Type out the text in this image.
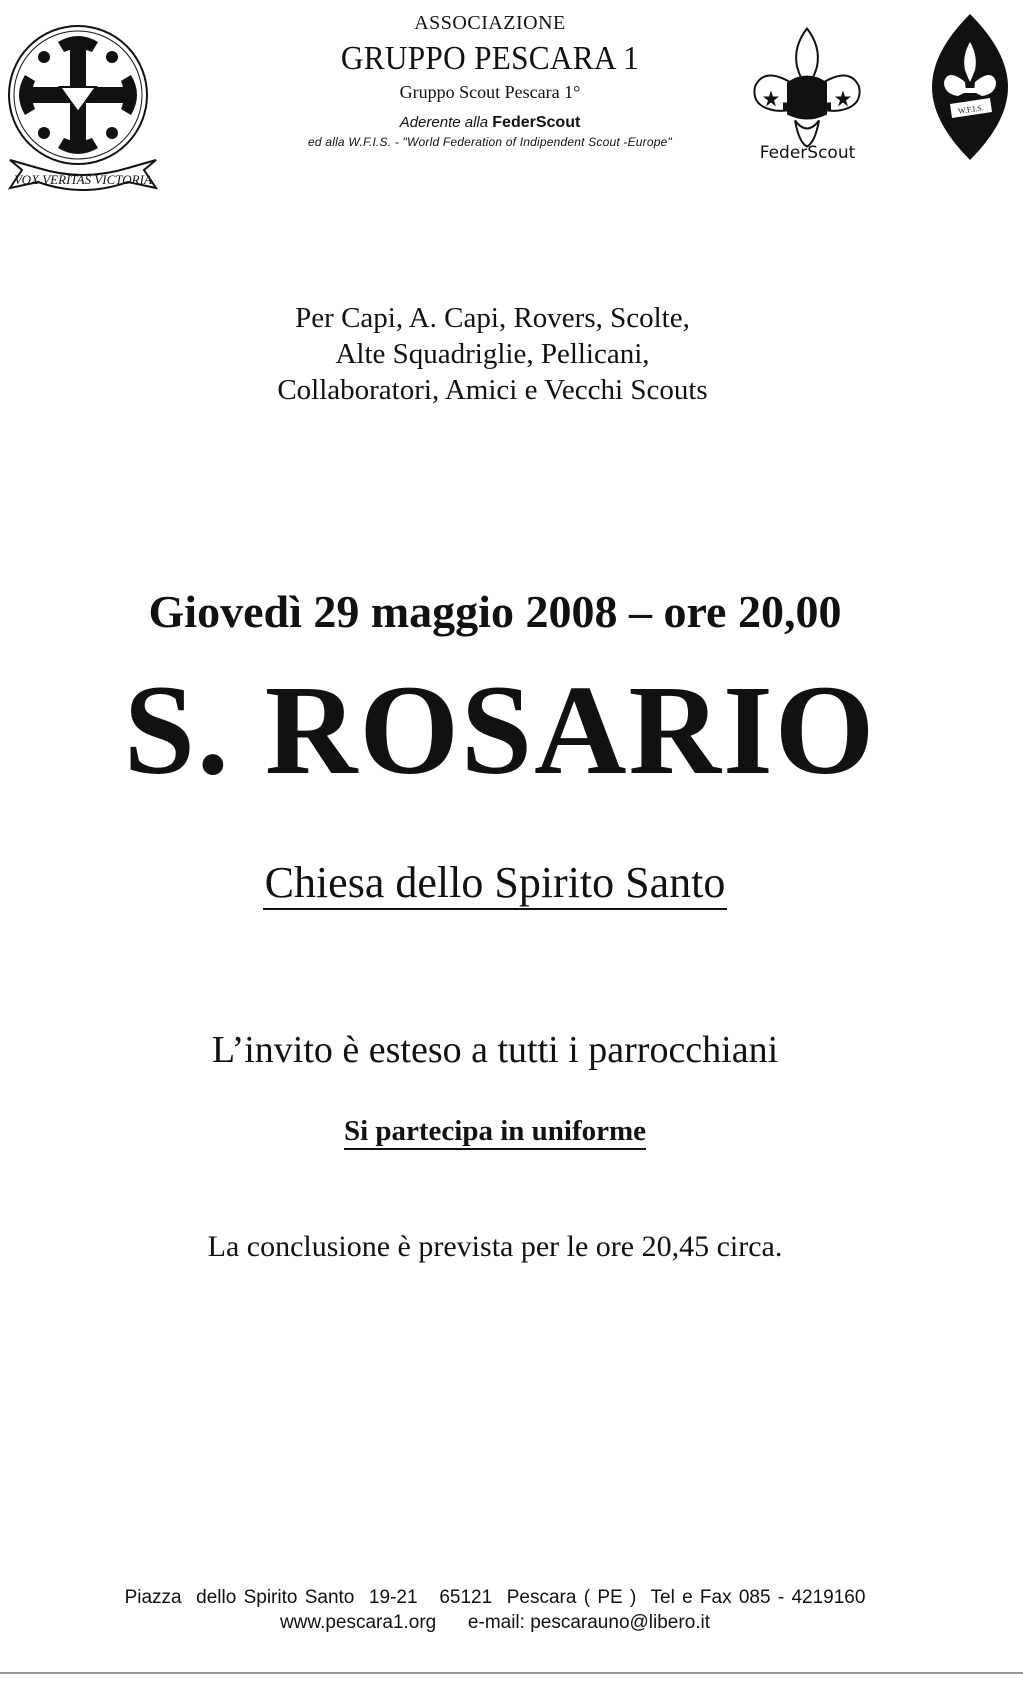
VOX VERITAS VICTORIA
ASSOCIAZIONE
GRUPPO PESCARA 1
Gruppo Scout Pescara 1°
Aderente alla FederScout
ed alla W.F.I.S. - "World Federation of Indipendent Scout -Europe"
FederScout
W.F.I.S.
Per Capi, A. Capi, Rovers, Scolte,
Alte Squadriglie, Pellicani,
Collaboratori, Amici e Vecchi Scouts
Giovedì 29 maggio 2008 – ore 20,00
S. ROSARIO
Chiesa dello Spirito Santo
L’invito è esteso a tutti i parrocchiani
Si partecipa in uniforme
La conclusione è prevista per le ore 20,45 circa.
Piazza  dello Spirito Santo  19-21   65121  Pescara ( PE )  Tel e Fax 085 - 4219160
www.pescara1.org      e-mail: pescarauno@libero.it
